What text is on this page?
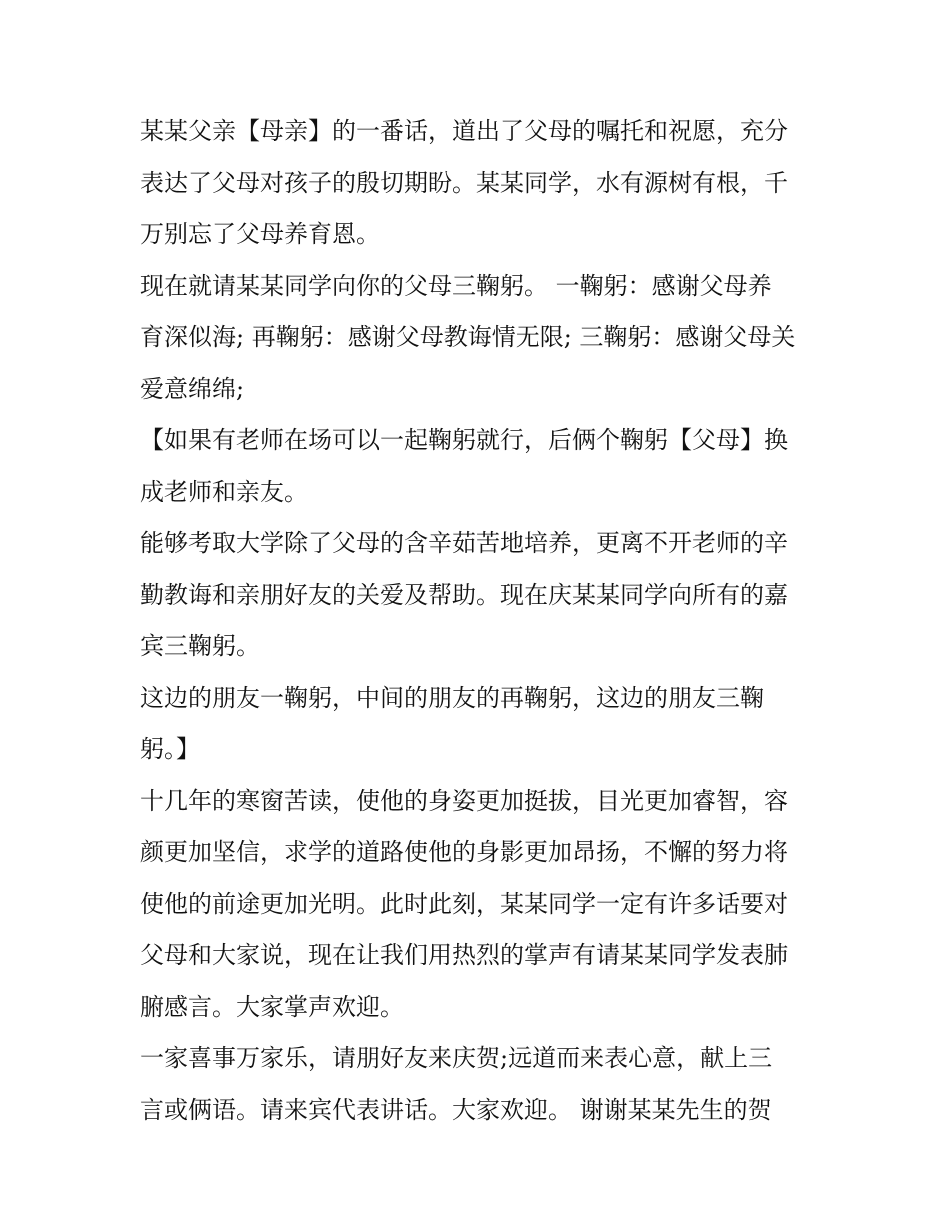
某某父亲【母亲】的一番话，道出了父母的嘱托和祝愿，充分
表达了父母对孩子的殷切期盼。某某同学，水有源树有根，千
万别忘了父母养育恩。

现在就请某某同学向你的父母三鞠躬。 一鞠躬：感谢父母养
育深似海; 再鞠躬：感谢父母教诲情无限; 三鞠躬：感谢父母关
爱意绵绵;

【如果有老师在场可以一起鞠躬就行，后俩个鞠躬【父母】换
成老师和亲友。

能够考取大学除了父母的含辛茹苦地培养，更离不开老师的辛
勤教诲和亲朋好友的关爱及帮助。现在庆某某同学向所有的嘉
宾三鞠躬。

这边的朋友一鞠躬，中间的朋友的再鞠躬，这边的朋友三鞠
躬。】

十几年的寒窗苦读，使他的身姿更加挺拔，目光更加睿智，容
颜更加坚信，求学的道路使他的身影更加昂扬，不懈的努力将
使他的前途更加光明。此时此刻，某某同学一定有许多话要对
父母和大家说，现在让我们用热烈的掌声有请某某同学发表肺
腑感言。大家掌声欢迎。

一家喜事万家乐，请朋好友来庆贺;远道而来表心意，献上三
言或俩语。请来宾代表讲话。大家欢迎。 谢谢某某先生的贺
